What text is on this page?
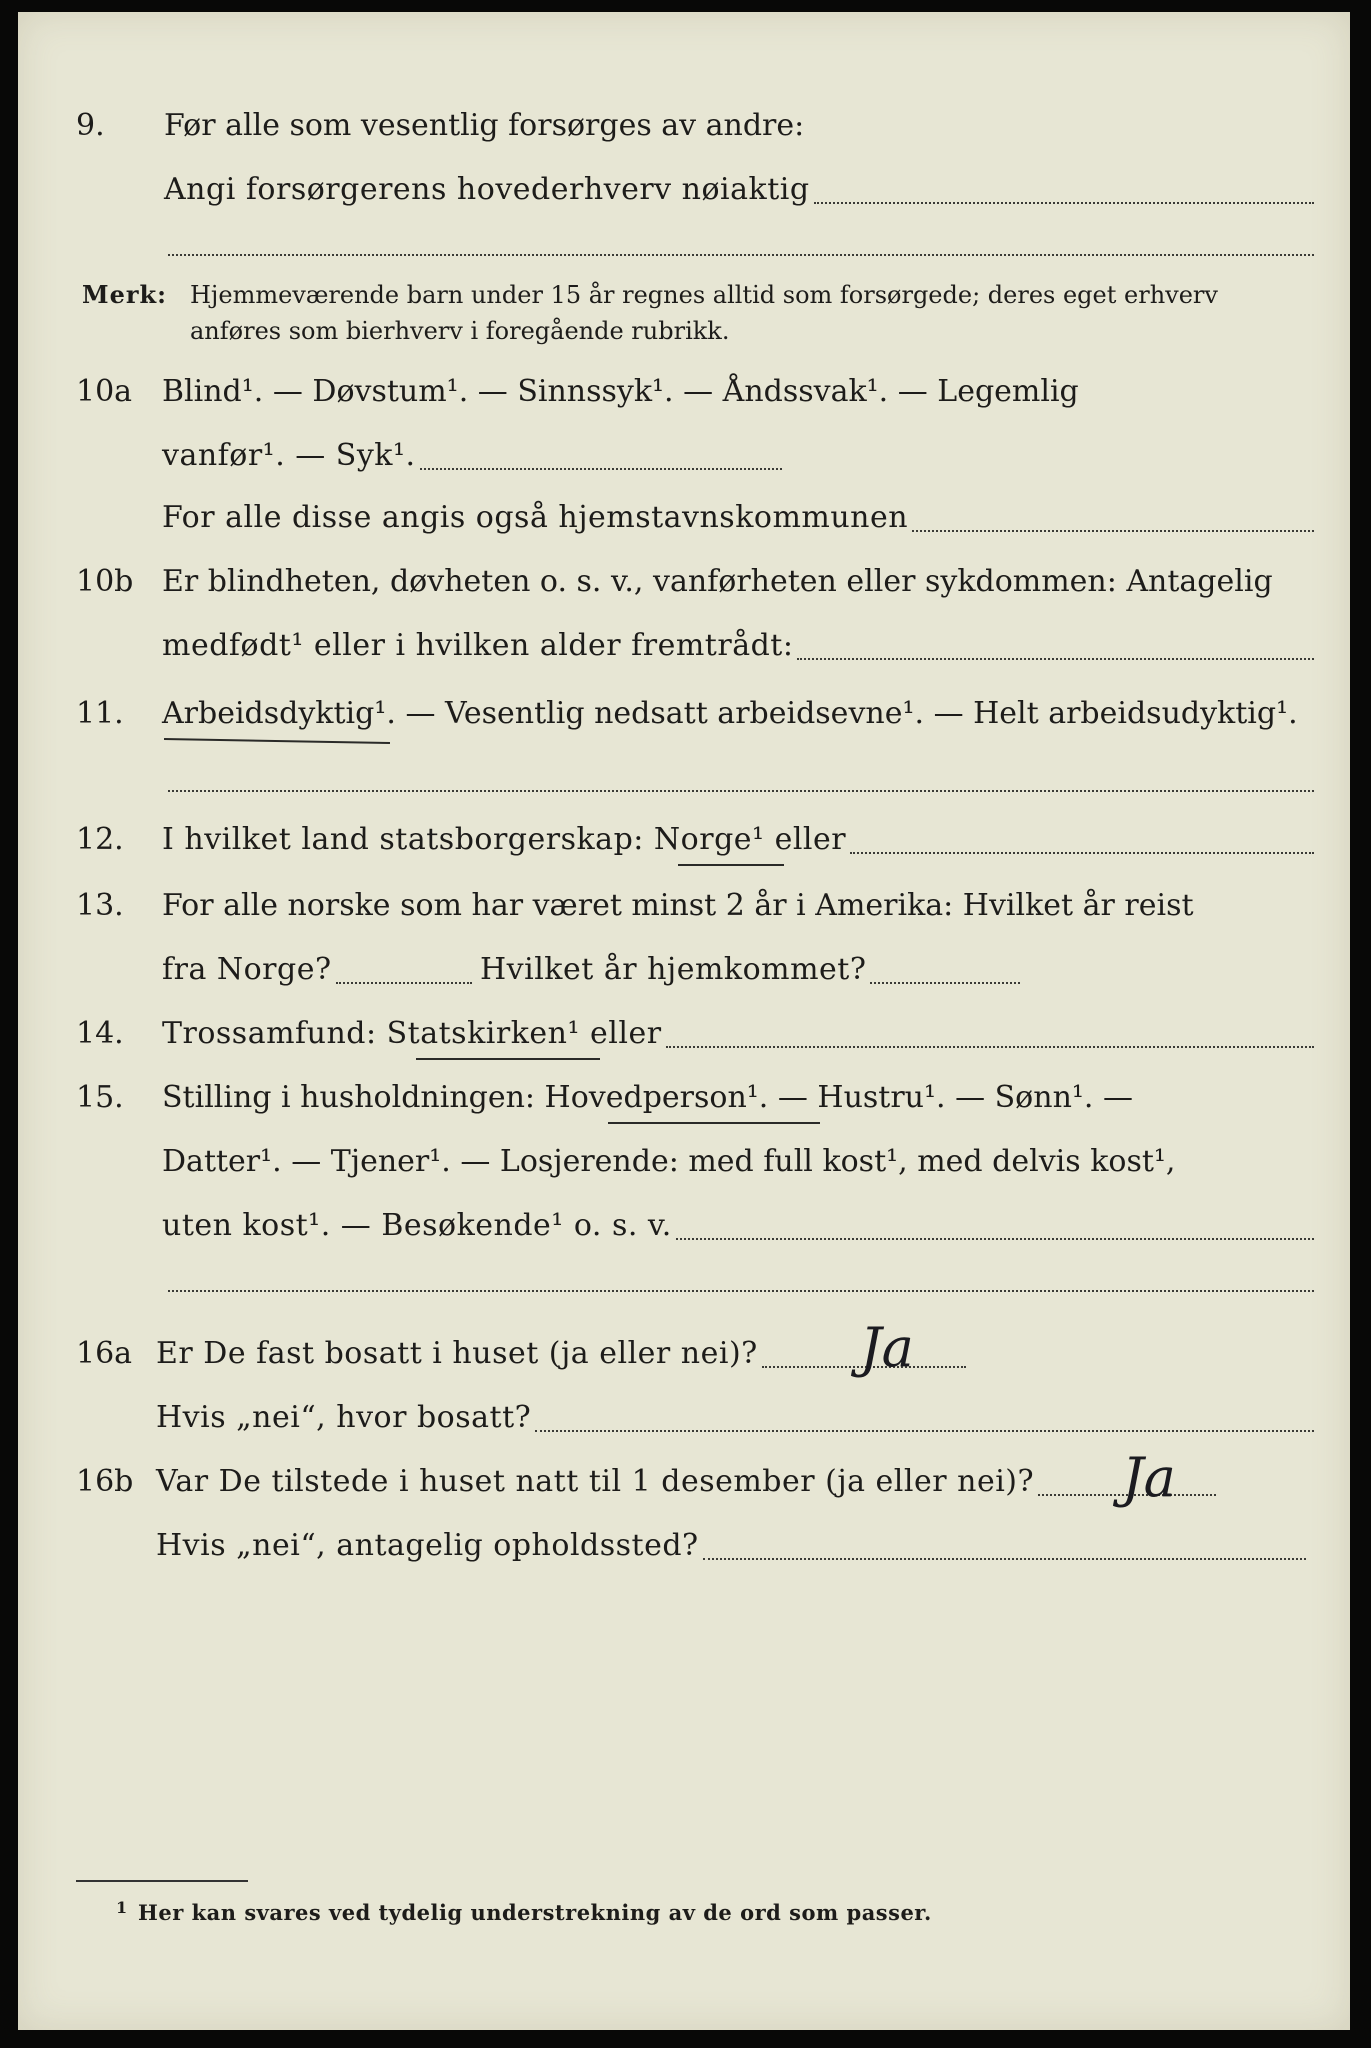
9. Før alle som vesentlig forsørges av andre:
Angi forsørgerens hovederhverv nøiaktig
Merk: Hjemmeværende barn under 15 år regnes alltid som forsørgede; deres eget erhverv
anføres som bierhverv i foregående rubrikk.
10a Blind¹. — Døvstum¹. — Sinnssyk¹. — Åndssvak¹. — Legemlig
vanfør¹. — Syk¹.
For alle disse angis også hjemstavnskommunen
10b Er blindheten, døvheten o. s. v., vanførheten eller sykdommen: Antagelig
medfødt¹ eller i hvilken alder fremtrådt:
11. Arbeidsdyktig¹. — Vesentlig nedsatt arbeidsevne¹. — Helt arbeidsudyktig¹.
12. I hvilket land statsborgerskap: Norge¹ eller
13. For alle norske som har været minst 2 år i Amerika: Hvilket år reist
fra Norge?	Hvilket år hjemkommet?
14. Trossamfund: Statskirken¹ eller
15. Stilling i husholdningen: Hovedperson¹. — Hustru¹. — Sønn¹. —
Datter¹. — Tjener¹. — Losjerende: med full kost¹, med delvis kost¹,
uten kost¹. — Besøkende¹ o. s. v.
16a Er De fast bosatt i huset (ja eller nei)? Ja
Hvis „nei“, hvor bosatt?
16b Var De tilstede i huset natt til 1 desember (ja eller nei)? Ja
Hvis „nei“, antagelig opholdssted?
1 Her kan svares ved tydelig understrekning av de ord som passer.
